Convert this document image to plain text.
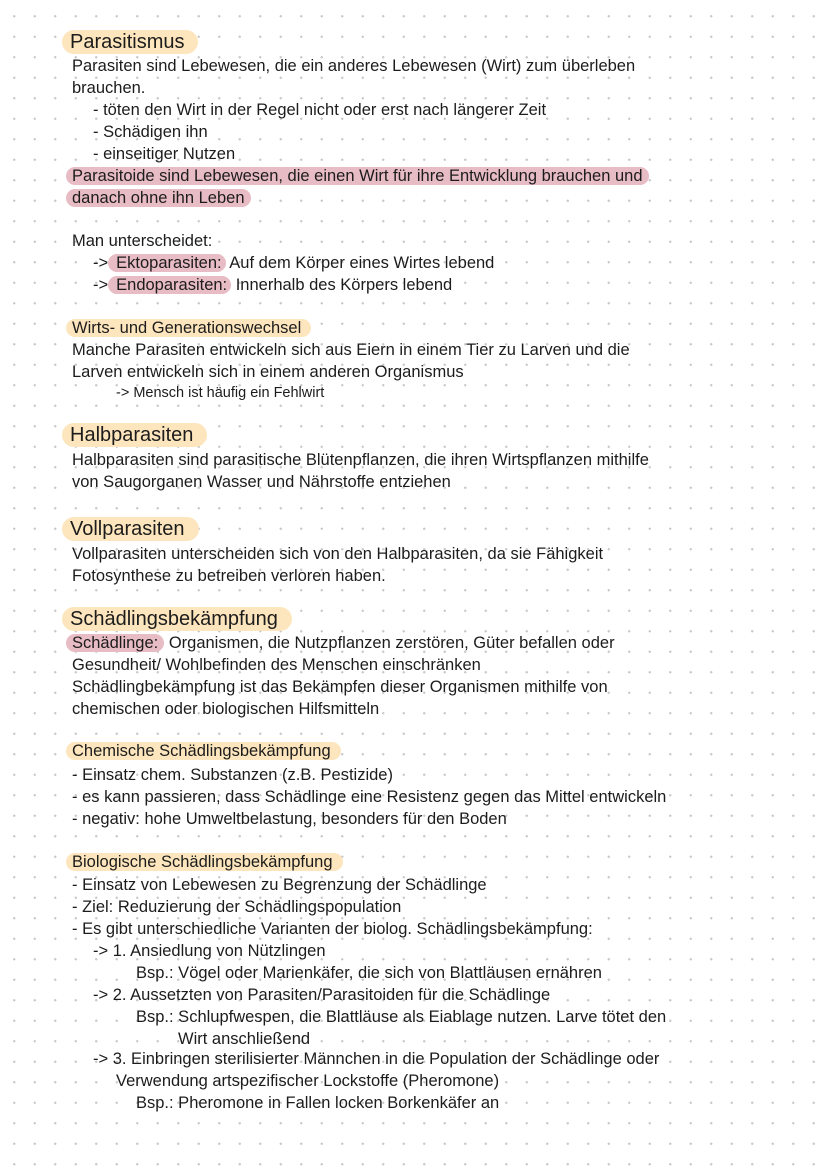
Parasitismus
Parasiten sind Lebewesen, die ein anderes Lebewesen (Wirt) zum überleben
brauchen.
- töten den Wirt in der Regel nicht oder erst nach längerer Zeit
- Schädigen ihn
- einseitiger Nutzen
Parasitoide sind Lebewesen, die einen Wirt für ihre Entwicklung brauchen und
danach ohne ihn Leben
Man unterscheidet:
-> Ektoparasiten: Auf dem Körper eines Wirtes lebend
-> Endoparasiten: Innerhalb des Körpers lebend
Wirts- und Generationswechsel
Manche Parasiten entwickeln sich aus Eiern in einem Tier zu Larven und die
Larven entwickeln sich in einem anderen Organismus
-> Mensch ist häufig ein Fehlwirt
Halbparasiten
Halbparasiten sind parasitische Blütenpflanzen, die ihren Wirtspflanzen mithilfe
von Saugorganen Wasser und Nährstoffe entziehen
Vollparasiten
Vollparasiten unterscheiden sich von den Halbparasiten, da sie Fähigkeit
Fotosynthese zu betreiben verloren haben.
Schädlingsbekämpfung
Schädlinge: Organismen, die Nutzpflanzen zerstören, Güter befallen oder
Gesundheit/ Wohlbefinden des Menschen einschränken
Schädlingbekämpfung ist das Bekämpfen dieser Organismen mithilfe von
chemischen oder biologischen Hilfsmitteln
Chemische Schädlingsbekämpfung
- Einsatz chem. Substanzen (z.B. Pestizide)
- es kann passieren, dass Schädlinge eine Resistenz gegen das Mittel entwickeln
- negativ: hohe Umweltbelastung, besonders für den Boden
Biologische Schädlingsbekämpfung
- Einsatz von Lebewesen zu Begrenzung der Schädlinge
- Ziel: Reduzierung der Schädlingspopulation
- Es gibt unterschiedliche Varianten der biolog. Schädlingsbekämpfung:
-> 1. Ansiedlung von Nützlingen
Bsp.: Vögel oder Marienkäfer, die sich von Blattläusen ernähren
-> 2. Aussetzten von Parasiten/Parasitoiden für die Schädlinge
Bsp.: Schlupfwespen, die Blattläuse als Eiablage nutzen. Larve tötet den
Wirt anschließend
-> 3. Einbringen sterilisierter Männchen in die Population der Schädlinge oder
Verwendung artspezifischer Lockstoffe (Pheromone)
Bsp.: Pheromone in Fallen locken Borkenkäfer an
